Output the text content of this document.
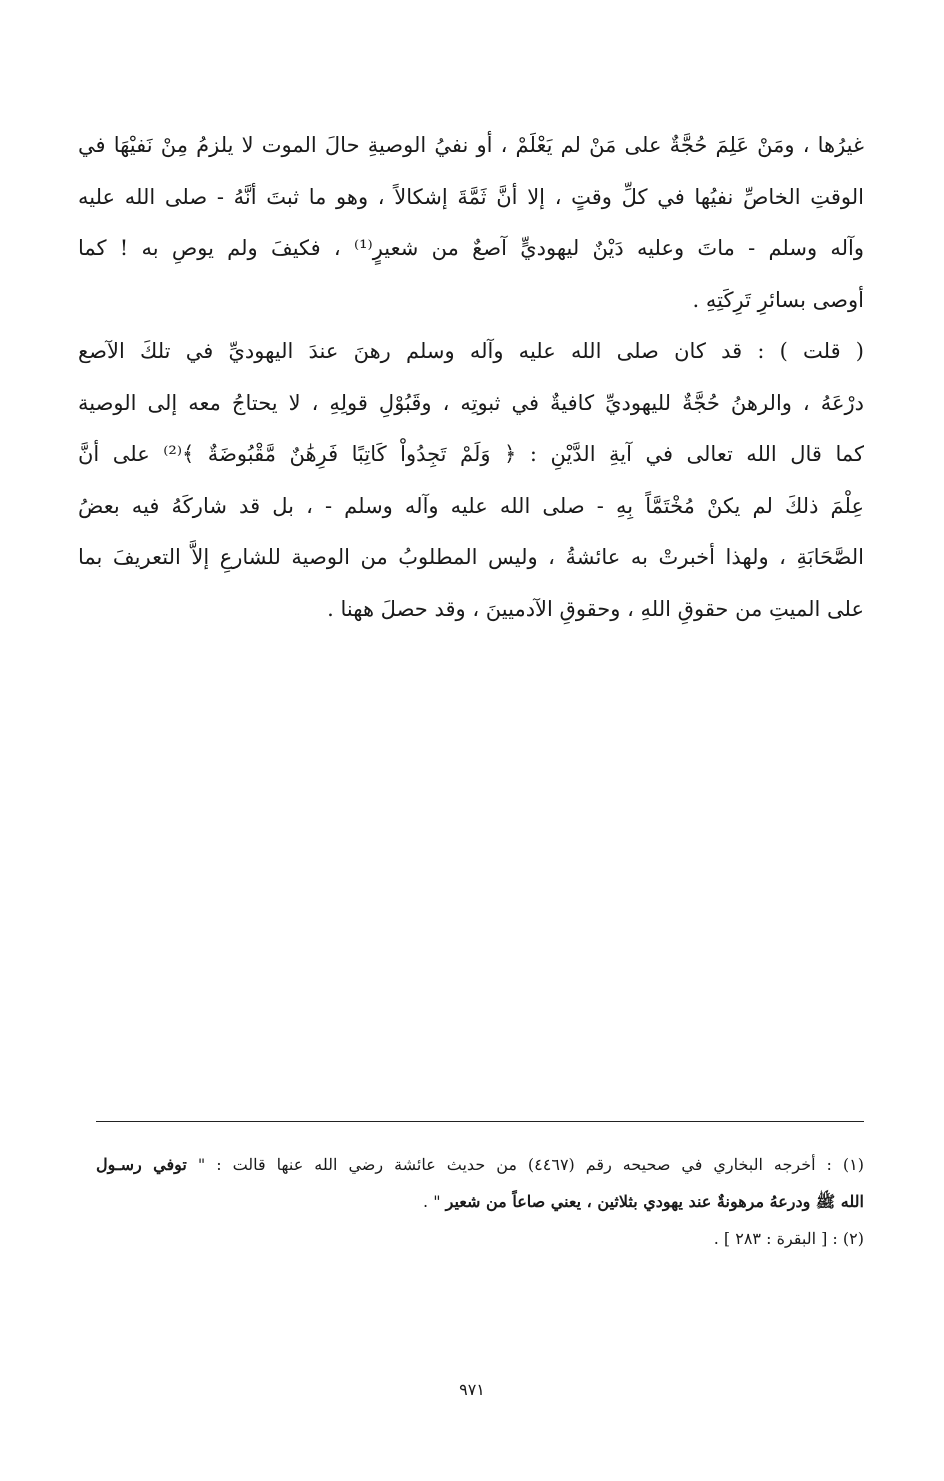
غيرُها ، ومَنْ عَلِمَ حُجَّةٌ على مَنْ لم يَعْلَمْ ، أو نفيُ الوصيةِ حالَ الموت لا يلزمُ مِنْ نَفيْهَا في
الوقتِ الخاصِّ نفيُها في كلِّ وقتٍ ، إلا أنَّ ثَمَّةَ إشكالاً ، وهو ما ثبتَ أنَّهُ - صلى الله عليه
وآله وسلم - ماتَ وعليه دَيْنٌ ليهوديٍّ آصعٌ من شعيرٍ⁽¹⁾ ، فكيفَ ولم يوصِ به ! كما
أوصى بسائرِ تَرِكَتِهِ .
( قلت ) : قد كان صلى الله عليه وآله وسلم رهنَ عندَ اليهوديِّ في تلكَ الآصع
درْعَهُ ، والرهنُ حُجَّةٌ لليهوديِّ كافيةٌ في ثبوتِه ، وقَبُوْلِ قولِهِ ، لا يحتاجُ معه إلى الوصية
كما قال الله تعالى في آيةِ الدَّيْنِ : ﴿ وَلَمْ تَجِدُواْ كَاتِبًا فَرِهَٰنٌ مَّقْبُوضَةٌ ﴾⁽²⁾ على أنَّ
عِلْمَ ذلكَ لم يكنْ مُخْتَمَّاً بِهِ - صلى الله عليه وآله وسلم - ، بل قد شاركَهُ فيه بعضُ
الصَّحَابَةِ ، ولهذا أخبرتْ به عائشةُ ، وليس المطلوبُ من الوصية للشارعِ إلاَّ التعريفَ بما
على الميتِ من حقوقِ اللهِ ، وحقوقِ الآدميينَ ، وقد حصلَ ههنا .
(١) : أخرجه البخاري في صحيحه رقم (٤٤٦٧) من حديث عائشة رضي الله عنها قالت : " توفي رسـول
الله ﷺ ودرعهُ مرهونةٌ عند يهودي بثلاثين ، يعني صاعاً من شعير " .
(٢) : [ البقرة : ٢٨٣ ] .
٩٧١
